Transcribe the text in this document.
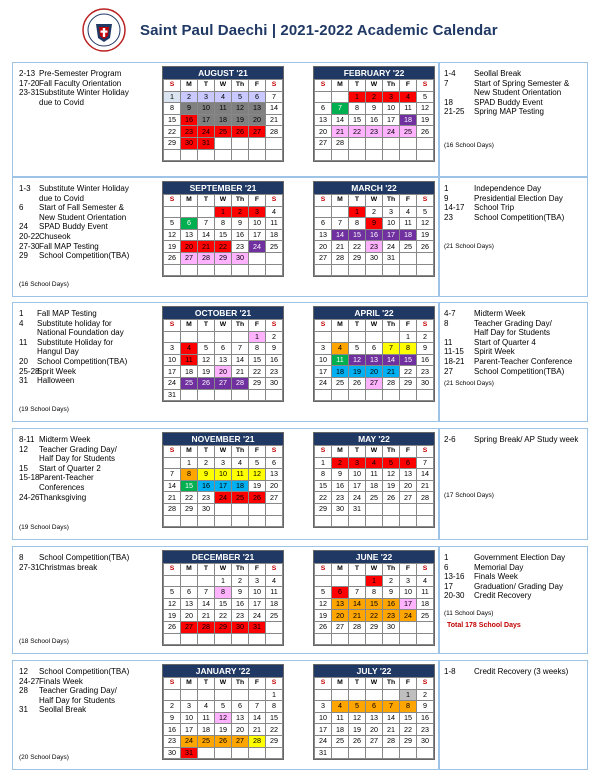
Saint Paul Daechi | 2021-2022 Academic Calendar
AUGUST '21
S	M	T	W	Th	F	S
1	2	3	4	5	6	7
8	9	10	11	12	13	14
15	16	17	18	19	20	21
22	23	24	25	26	27	28
29	30	31				

FEBRUARY '22
S	M	T	W	Th	F	S
		1	2	3	4	5
6	7	8	9	10	11	12
13	14	15	16	17	18	19
20	21	22	23	24	25	26
27	28					

2-13 Pre-Semester Program
17-20 Fall Faculty Orientation
23-31 Substitute Winter Holiday
due to Covid
1-4 Seollal Break
7	Start of Spring Semester &
New Student Orientation
18	SPAD Buddy Event
21-25 Spring MAP Testing
(16 School Days)
SEPTEMBER '21
S	M	T	W	Th	F	S
			1	2	3	4
5	6	7	8	9	10	11
12	13	14	15	16	17	18
19	20	21	22	23	24	25
26	27	28	29	30		

MARCH '22
S	M	T	W	Th	F	S
		1	2	3	4	5
6	7	8	9	10	11	12
13	14	15	16	17	18	19
20	21	22	23	24	25	26
27	28	29	30	31		

1-3 Substitute Winter Holiday
due to Covid
6 Start of Fall Semester &
New Student Orientation
24 SPAD Buddy Event
20-22 Chuseok
27-30 Fall MAP Testing
29 School Competition(TBA)
1	Independence Day
9	Presidential Election Day
14-17 School Trip
23	School Competition(TBA)
(16 School Days)
(21 School Days)
OCTOBER '21
S	M	T	W	Th	F	S
					1	2
3	4	5	6	7	8	9
10	11	12	13	14	15	16
17	18	19	20	21	22	23
24	25	26	27	28	29	30
31						
APRIL '22
S	M	T	W	Th	F	S
					1	2
3	4	5	6	7	8	9
10	11	12	13	14	15	16
17	18	19	20	21	22	23
24	25	26	27	28	29	30

1 Fall MAP Testing
4 Substitute holiday for
National Foundation day
11 Substitute Holiday for
Hangul Day
20 School Competition(TBA)
25-28
Sprit Week
31 Halloween
4-7 Midterm Week
8	Teacher Grading Day/
Half Day for Students
11	Start of Quarter 4
11-15 Spirit Week
18-21 Parent-Teacher Conference
27	School Competition(TBA)
(19 School Days)
(21 School Days)
NOVEMBER '21
S	M	T	W	Th	F	S
	1	2	3	4	5	6
7	8	9	10	11	12	13
14	15	16	17	18	19	20
21	22	23	24	25	26	27
28	29	30				

MAY '22
S	M	T	W	Th	F	S
1	2	3	4	5	6	7
8	9	10	11	12	13	14
15	16	17	18	19	20	21
22	23	24	25	26	27	28
29	30	31				

8-11 Midterm Week
12 Teacher Grading Day/
Half Day for Students
15 Start of Quarter 2
15-18 Parent-Teacher
Conferences
24-26 Thanksgiving
2-6 Spring Break/ AP Study week
(19 School Days)
(17 School Days)
DECEMBER '21
S	M	T	W	Th	F	S
			1	2	3	4
5	6	7	8	9	10	11
12	13	14	15	16	17	18
19	20	21	22	23	24	25
26	27	28	29	30	31	

JUNE '22
S	M	T	W	Th	F	S
			1	2	3	4
5	6	7	8	9	10	11
12	13	14	15	16	17	18
19	20	21	22	23	24	25
26	27	28	29	30		

8 School Competition(TBA)
27-31 Christmas break
1	Government Election Day
6	Memorial Day
13-16 Finals Week
17	Graduation/ Grading Day
20-30 Credit Recovery
(18 School Days)
(11 School Days)
Total 178 School Days
JANUARY '22
S	M	T	W	Th	F	S
						1
2	3	4	5	6	7	8
9	10	11	12	13	14	15
16	17	18	19	20	21	22
23	24	25	26	27	28	29
30	31					
JULY '22
S	M	T	W	Th	F	S
					1	2
3	4	5	6	7	8	9
10	11	12	13	14	15	16
17	18	19	20	21	22	23
24	25	26	27	28	29	30
31						
12 School Competition(TBA)
24-27 Finals Week
28 Teacher Grading Day/
Half Day for Students
31 Seollal Break
1-8 Credit Recovery (3 weeks)
(20 School Days)
